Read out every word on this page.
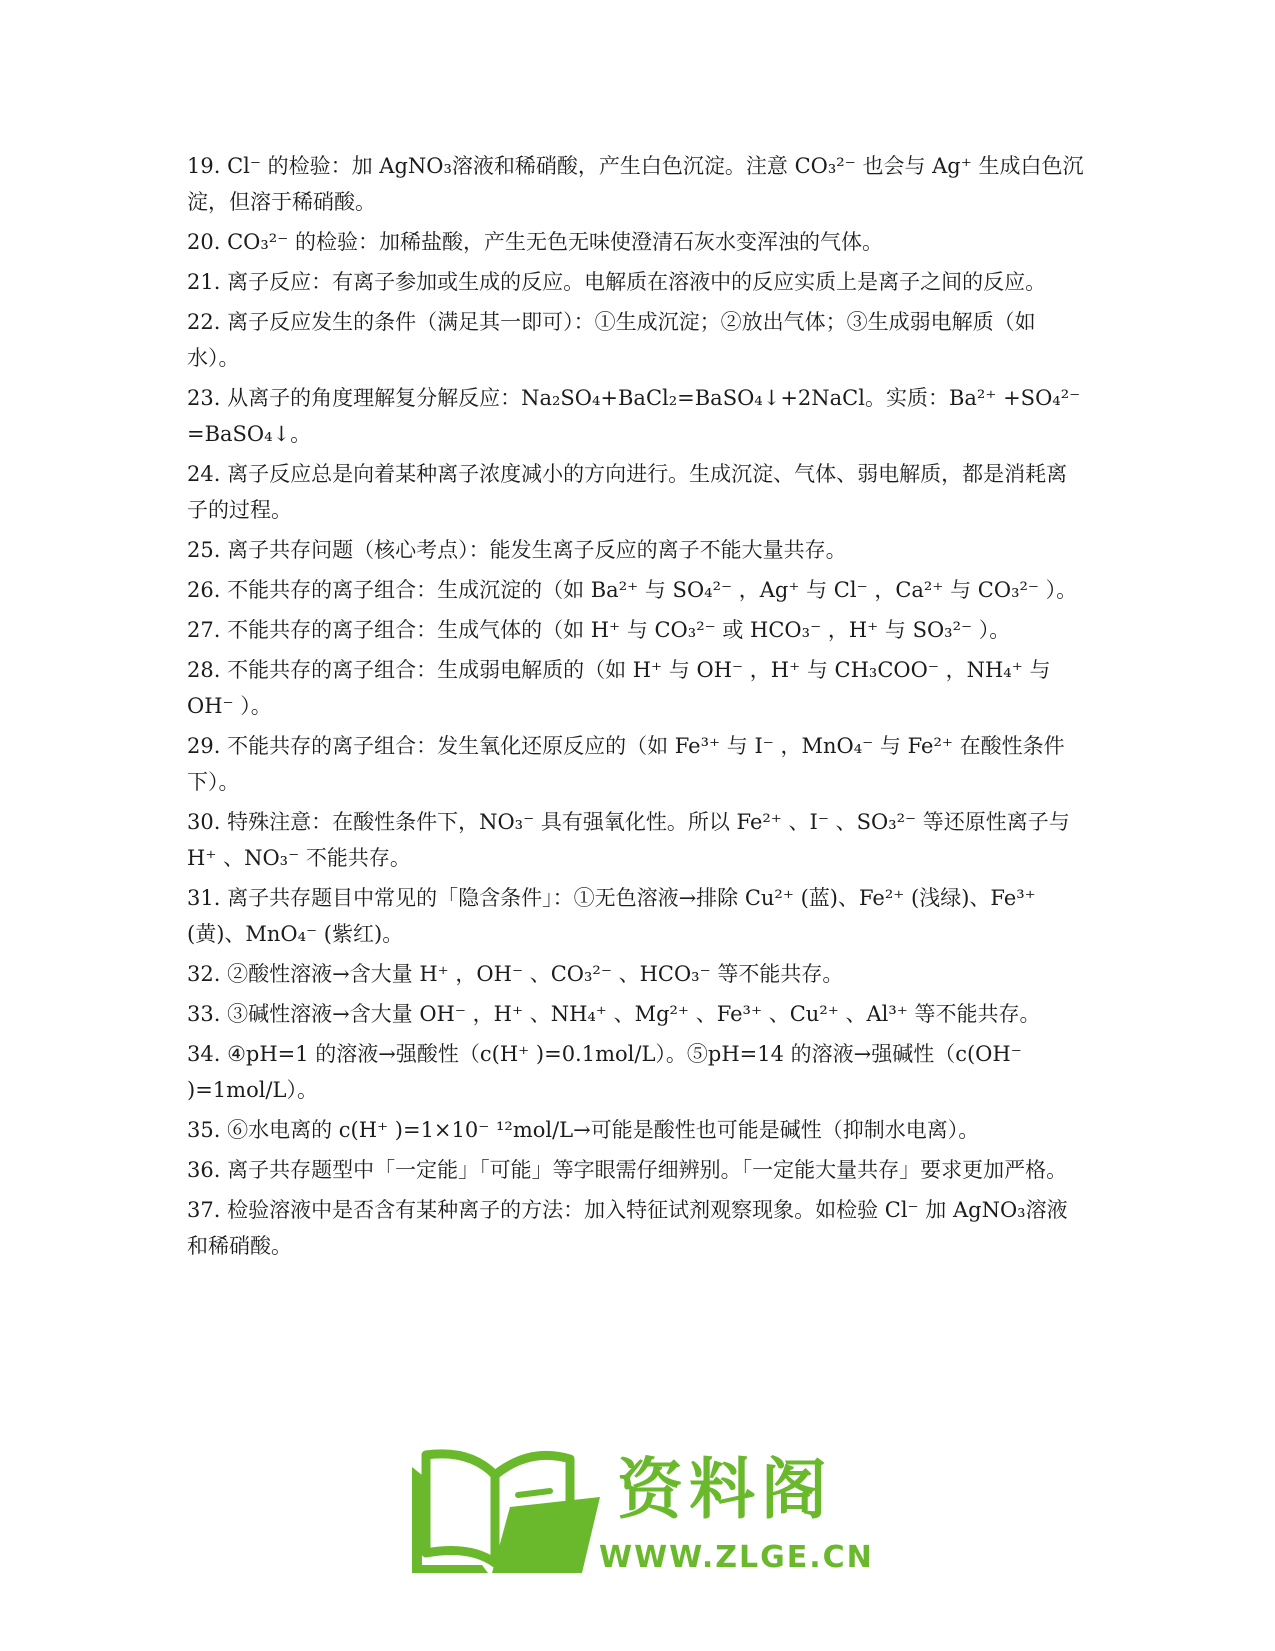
19. Cl⁻ 的检验：加 AgNO₃溶液和稀硝酸，产生白色沉淀。注意 CO₃²⁻ 也会与 Ag⁺ 生成白色沉淀，但溶于稀硝酸。

20. CO₃²⁻ 的检验：加稀盐酸，产生无色无味使澄清石灰水变浑浊的气体。

21. 离子反应：有离子参加或生成的反应。电解质在溶液中的反应实质上是离子之间的反应。

22. 离子反应发生的条件（满足其一即可）：①生成沉淀；②放出气体；③生成弱电解质（如水）。

23. 从离子的角度理解复分解反应：Na₂SO₄+BaCl₂=BaSO₄↓+2NaCl。实质：Ba²⁺ +SO₄²⁻ =BaSO₄↓。

24. 离子反应总是向着某种离子浓度减小的方向进行。生成沉淀、气体、弱电解质，都是消耗离子的过程。

25. 离子共存问题（核心考点）：能发生离子反应的离子不能大量共存。

26. 不能共存的离子组合：生成沉淀的（如 Ba²⁺ 与 SO₄²⁻ ，Ag⁺ 与 Cl⁻ ，Ca²⁺ 与 CO₃²⁻ ）。

27. 不能共存的离子组合：生成气体的（如 H⁺ 与 CO₃²⁻ 或 HCO₃⁻ ，H⁺ 与 SO₃²⁻ ）。

28. 不能共存的离子组合：生成弱电解质的（如 H⁺ 与 OH⁻ ，H⁺ 与 CH₃COO⁻ ，NH₄⁺ 与 OH⁻ ）。

29. 不能共存的离子组合：发生氧化还原反应的（如 Fe³⁺ 与 I⁻ ，MnO₄⁻ 与 Fe²⁺ 在酸性条件下）。

30. 特殊注意：在酸性条件下，NO₃⁻ 具有强氧化性。所以 Fe²⁺ 、I⁻ 、SO₃²⁻ 等还原性离子与 H⁺ 、NO₃⁻ 不能共存。

31. 离子共存题目中常见的「隐含条件」：①无色溶液→排除 Cu²⁺ (蓝)、Fe²⁺ (浅绿)、Fe³⁺ (黄)、MnO₄⁻ (紫红)。

32. ②酸性溶液→含大量 H⁺ ，OH⁻ 、CO₃²⁻ 、HCO₃⁻ 等不能共存。

33. ③碱性溶液→含大量 OH⁻ ，H⁺ 、NH₄⁺ 、Mg²⁺ 、Fe³⁺ 、Cu²⁺ 、Al³⁺ 等不能共存。

34. ④pH=1 的溶液→强酸性（c(H⁺ )=0.1mol/L）。⑤pH=14 的溶液→强碱性（c(OH⁻ )=1mol/L）。

35. ⑥水电离的 c(H⁺ )=1×10⁻ ¹²mol/L→可能是酸性也可能是碱性（抑制水电离）。

36. 离子共存题型中「一定能」「可能」等字眼需仔细辨别。「一定能大量共存」要求更加严格。

37. 检验溶液中是否含有某种离子的方法：加入特征试剂观察现象。如检验 Cl⁻ 加 AgNO₃溶液和稀硝酸。

资料阁
WWW.ZLGE.CN
